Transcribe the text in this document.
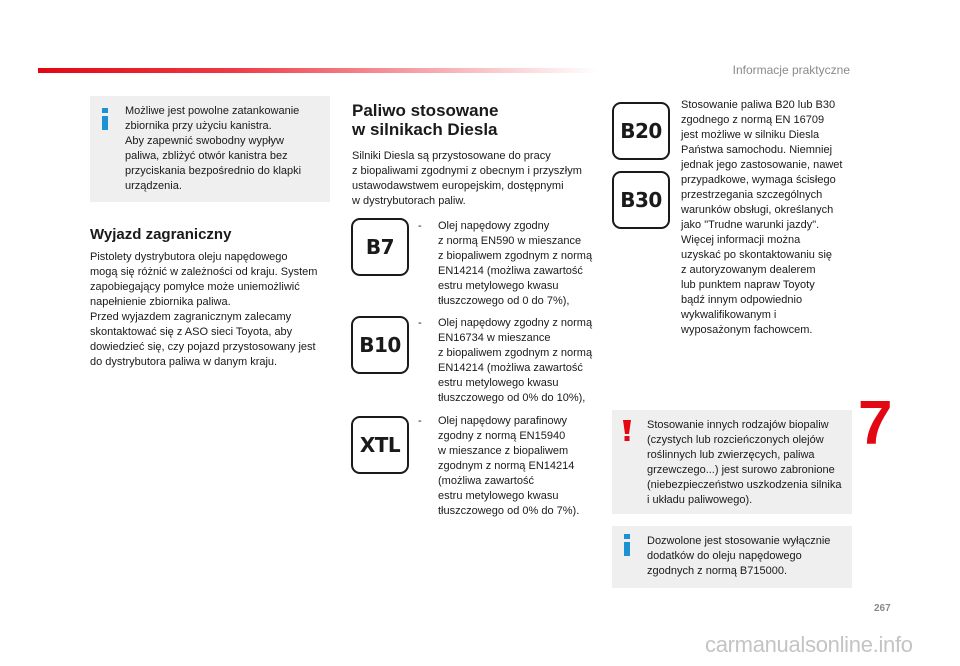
Informacje praktyczne
Możliwe jest powolne zatankowanie
zbiornika przy użyciu kanistra.
Aby zapewnić swobodny wypływ
paliwa, zbliżyć otwór kanistra bez
przyciskania bezpośrednio do klapki
urządzenia.
Wyjazd zagraniczny
Pistolety dystrybutora oleju napędowego
mogą się różnić w zależności od kraju. System
zapobiegający pomyłce może uniemożliwić
napełnienie zbiornika paliwa.
Przed wyjazdem zagranicznym zalecamy
skontaktować się z ASO sieci Toyota, aby
dowiedzieć się, czy pojazd przystosowany jest
do dystrybutora paliwa w danym kraju.
Paliwo stosowane
w silnikach Diesla
Silniki Diesla są przystosowane do pracy
z biopaliwami zgodnymi z obecnym i przyszłym
ustawodawstwem europejskim, dostępnymi
w dystrybutorach paliw.
B7
- Olej napędowy zgodny
z normą EN590 w mieszance
z biopaliwem zgodnym z normą
EN14214 (możliwa zawartość
estru metylowego kwasu
tłuszczowego od 0 do 7%),
B10
- Olej napędowy zgodny z normą
EN16734 w mieszance
z biopaliwem zgodnym z normą
EN14214 (możliwa zawartość
estru metylowego kwasu
tłuszczowego od 0% do 10%),
XTL
- Olej napędowy parafinowy
zgodny z normą EN15940
w mieszance z biopaliwem
zgodnym z normą EN14214
(możliwa zawartość
estru metylowego kwasu
tłuszczowego od 0% do 7%).
B20
B30
Stosowanie paliwa B20 lub B30
zgodnego z normą EN 16709
jest możliwe w silniku Diesla
Państwa samochodu. Niemniej
jednak jego zastosowanie, nawet
przypadkowe, wymaga ścisłego
przestrzegania szczególnych
warunków obsługi, określanych
jako "Trudne warunki jazdy".
Więcej informacji można
uzyskać po skontaktowaniu się
z autoryzowanym dealerem
lub punktem napraw Toyoty
bądź innym odpowiednio
wykwalifikowanym i
wyposażonym fachowcem.
Stosowanie innych rodzajów biopaliw
(czystych lub rozcieńczonych olejów
roślinnych lub zwierzęcych, paliwa
grzewczego...) jest surowo zabronione
(niebezpieczeństwo uszkodzenia silnika
i układu paliwowego).
Dozwolone jest stosowanie wyłącznie
dodatków do oleju napędowego
zgodnych z normą B715000.
7
267
carmanualsonline.info
